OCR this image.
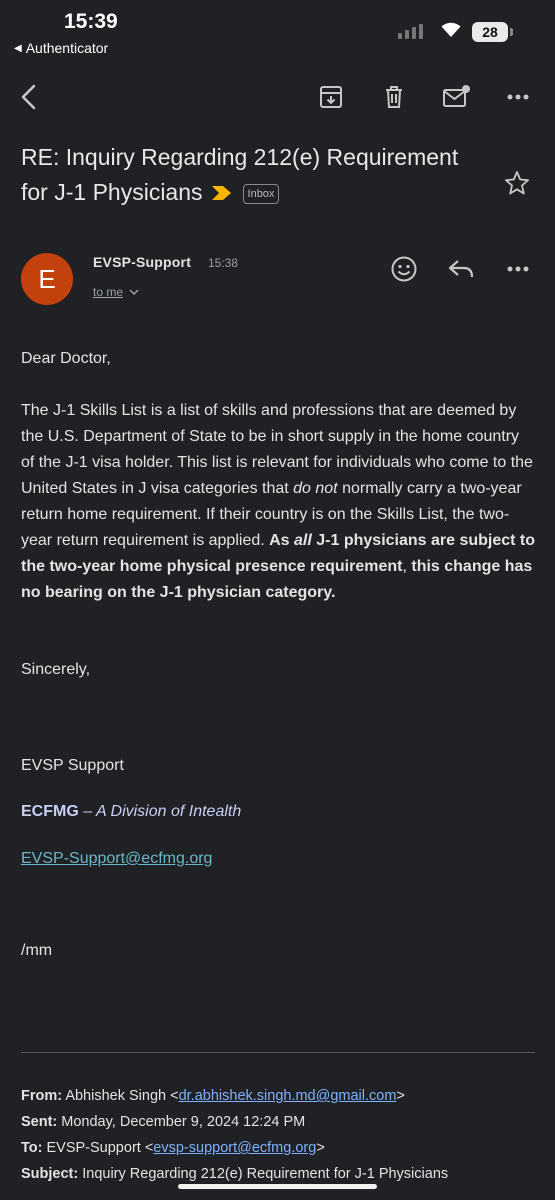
15:39
◀ Authenticator
28
RE: Inquiry Regarding 212(e) Requirement for J-1 Physicians	Inbox
E
EVSP-Support 15:38
to me

Dear Doctor,

The J-1 Skills List is a list of skills and professions that are deemed by the U.S. Department of State to be in short supply in the home country of the J-1 visa holder. This list is relevant for individuals who come to the United States in J visa categories that do not normally carry a two-year return home requirement. If their country is on the Skills List, the two-year return requirement is applied. As all J-1 physicians are subject to the two-year home physical presence requirement, this change has no bearing on the J-1 physician category.

Sincerely,

EVSP Support

ECFMG – A Division of Intealth

EVSP-Support@ecfmg.org

/mm

From: Abhishek Singh <dr.abhishek.singh.md@gmail.com>
Sent: Monday, December 9, 2024 12:24 PM
To: EVSP-Support <evsp-support@ecfmg.org>
Subject: Inquiry Regarding 212(e) Requirement for J-1 Physicians
